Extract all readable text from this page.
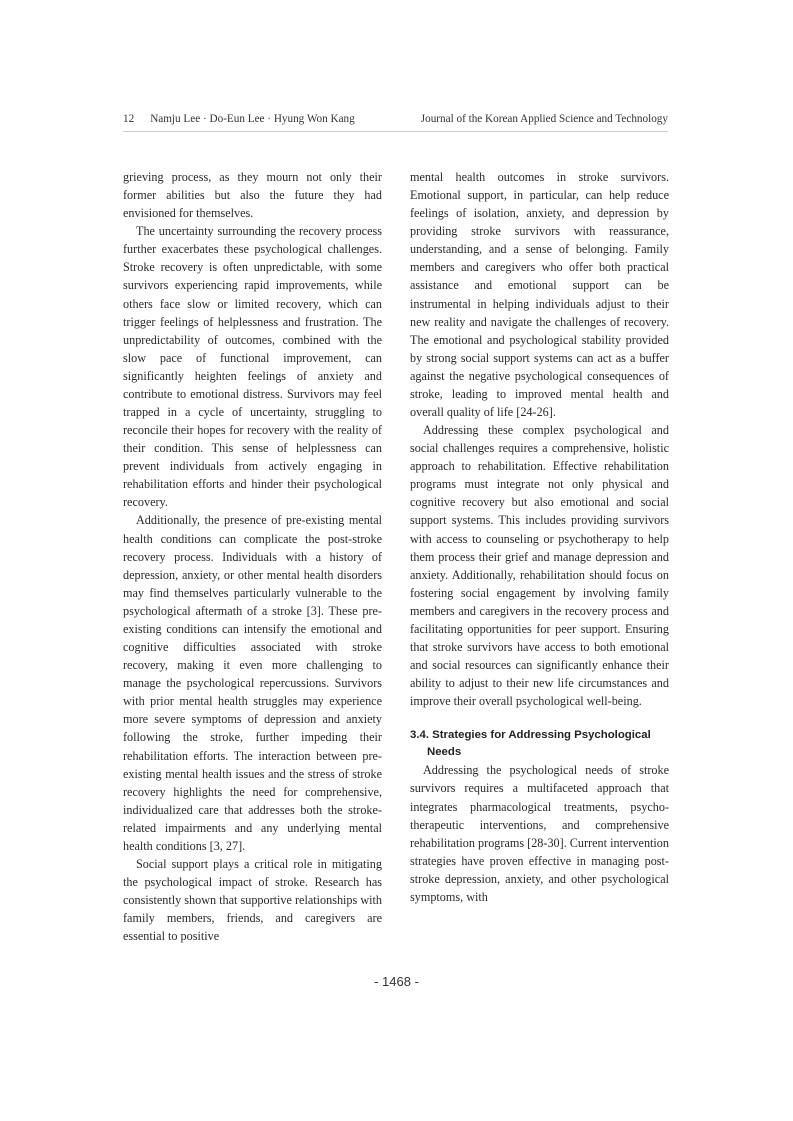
12 Namju Lee · Do-Eun Lee · Hyung Won Kang	Journal of the Korean Applied Science and Technology

grieving process, as they mourn not only their former abilities but also the future they had envisioned for themselves.

The uncertainty surrounding the recovery process further exacerbates these psychological challenges. Stroke recovery is often unpredictable, with some survivors experiencing rapid improvements, while others face slow or limited recovery, which can trigger feelings of helplessness and frustration. The unpredictability of outcomes, combined with the slow pace of functional improvement, can significantly heighten feelings of anxiety and contribute to emotional distress. Survivors may feel trapped in a cycle of uncertainty, struggling to reconcile their hopes for recovery with the reality of their condition. This sense of helplessness can prevent individuals from actively engaging in rehabilitation efforts and hinder their psychological recovery.

Additionally, the presence of pre-existing mental health conditions can complicate the post-stroke recovery process. Individuals with a history of depression, anxiety, or other mental health disorders may find themselves particularly vulnerable to the psychological aftermath of a stroke [3]. These pre-existing conditions can intensify the emotional and cognitive difficulties associated with stroke recovery, making it even more challenging to manage the psychological repercussions. Survivors with prior mental health struggles may experience more severe symptoms of depression and anxiety following the stroke, further impeding their rehabilitation efforts. The interaction between pre-existing mental health issues and the stress of stroke recovery highlights the need for comprehensive, individualized care that addresses both the stroke-related impairments and any underlying mental health conditions [3, 27].

Social support plays a critical role in mitigating the psychological impact of stroke. Research has consistently shown that supportive relationships with family members, friends, and caregivers are essential to positive

mental health outcomes in stroke survivors. Emotional support, in particular, can help reduce feelings of isolation, anxiety, and depression by providing stroke survivors with reassurance, understanding, and a sense of belonging. Family members and caregivers who offer both practical assistance and emotional support can be instrumental in helping individuals adjust to their new reality and navigate the challenges of recovery. The emotional and psychological stability provided by strong social support systems can act as a buffer against the negative psychological consequences of stroke, leading to improved mental health and overall quality of life [24-26].

Addressing these complex psychological and social challenges requires a comprehensive, holistic approach to rehabilitation. Effective rehabilitation programs must integrate not only physical and cognitive recovery but also emotional and social support systems. This includes providing survivors with access to counseling or psychotherapy to help them process their grief and manage depression and anxiety. Additionally, rehabilitation should focus on fostering social engagement by involving family members and caregivers in the recovery process and facilitating opportunities for peer support. Ensuring that stroke survivors have access to both emotional and social resources can significantly enhance their ability to adjust to their new life circumstances and improve their overall psychological well-being.

3.4. Strategies for Addressing Psychological Needs

Addressing the psychological needs of stroke survivors requires a multifaceted approach that integrates pharmacological treatments, psycho-therapeutic interventions, and comprehensive rehabilitation programs [28-30]. Current intervention strategies have proven effective in managing post-stroke depression, anxiety, and other psychological symptoms, with

- 1468 -
